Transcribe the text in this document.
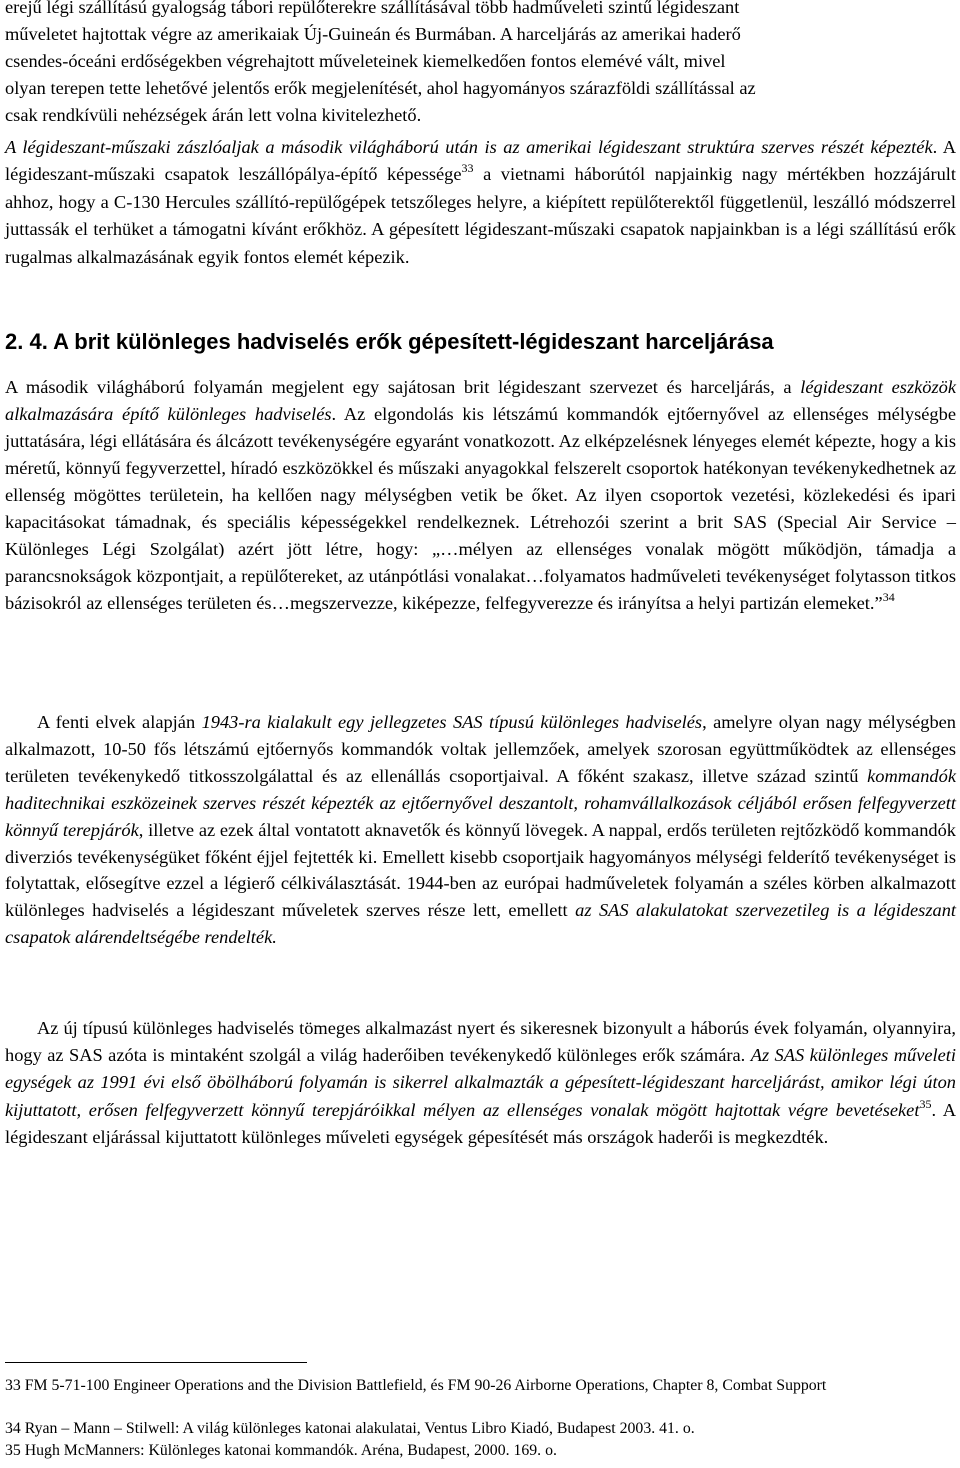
erejű légi szállítású gyalogság tábori repülőterekre szállításával több hadműveleti szintű légideszant
műveletet hajtottak végre az amerikaiak Új-Guineán és Burmában. A harceljárás az amerikai haderő
csendes-óceáni erdőségekben végrehajtott műveleteinek kiemelkedően fontos elemévé vált, mivel
olyan terepen tette lehetővé jelentős erők megjelenítését, ahol hagyományos szárazföldi szállítással az
csak rendkívüli nehézségek árán lett volna kivitelezhető.
A légideszant-műszaki zászlóaljak a második világháború után is az amerikai légideszant struktúra szerves részét képezték. A légideszant-műszaki csapatok leszállópálya-építő képessége$^{33}$ a vietnami háborútól napjainkig nagy mértékben hozzájárult ahhoz, hogy a C-130 Hercules szállító-repülőgépek tetszőleges helyre, a kiépített repülőterektől függetlenül, leszálló módszerrel juttassák el terhüket a támogatni kívánt erőkhöz. A gépesített légideszant-műszaki csapatok napjainkban is a légi szállítású erők rugalmas alkalmazásának egyik fontos elemét képezik.
2. 4. A brit különleges hadviselés erők gépesített-légideszant harceljárása
A második világháború folyamán megjelent egy sajátosan brit légideszant szervezet és harceljárás, a légideszant eszközök alkalmazására építő különleges hadviselés. Az elgondolás kis létszámú kommandók ejtőernyővel az ellenséges mélységbe juttatására, légi ellátására és álcázott tevékenységére egyaránt vonatkozott. Az elképzelésnek lényeges elemét képezte, hogy a kis méretű, könnyű fegyverzettel, híradó eszközökkel és műszaki anyagokkal felszerelt csoportok hatékonyan tevékenykedhetnek az ellenség mögöttes területein, ha kellően nagy mélységben vetik be őket. Az ilyen csoportok vezetési, közlekedési és ipari kapacitásokat támadnak, és speciális képességekkel rendelkeznek. Létrehozói szerint a brit SAS (Special Air Service – Különleges Légi Szolgálat) azért jött létre, hogy: „…mélyen az ellenséges vonalak mögött működjön, támadja a parancsnokságok központjait, a repülőtereket, az utánpótlási vonalakat…folyamatos hadműveleti tevékenységet folytasson titkos bázisokról az ellenséges területen és…megszervezze, kiképezze, felfegyverezze és irányítsa a helyi partizán elemeket.”$^{34}$
A fenti elvek alapján 1943-ra kialakult egy jellegzetes SAS típusú különleges hadviselés, amelyre olyan nagy mélységben alkalmazott, 10-50 fős létszámú ejtőernyős kommandók voltak jellemzőek, amelyek szorosan együttműködtek az ellenséges területen tevékenykedő titkosszolgálattal és az ellenállás csoportjaival. A főként szakasz, illetve század szintű kommandók haditechnikai eszközeinek szerves részét képezték az ejtőernyővel deszantolt, rohamvállalkozások céljából erősen felfegyverzett könnyű terepjárók, illetve az ezek által vontatott aknavetők és könnyű lövegek. A nappal, erdős területen rejtőzködő kommandók diverziós tevékenységüket főként éjjel fejtették ki. Emellett kisebb csoportjaik hagyományos mélységi felderítő tevékenységet is folytattak, elősegítve ezzel a légierő célkiválasztását. 1944-ben az európai hadműveletek folyamán a széles körben alkalmazott különleges hadviselés a légideszant műveletek szerves része lett, emellett az SAS alakulatokat szervezetileg is a légideszant csapatok alárendeltségébe rendelték.
Az új típusú különleges hadviselés tömeges alkalmazást nyert és sikeresnek bizonyult a háborús évek folyamán, olyannyira, hogy az SAS azóta is mintaként szolgál a világ haderőiben tevékenykedő különleges erők számára. Az SAS különleges műveleti egységek az 1991 évi első öbölháború folyamán is sikerrel alkalmazták a gépesített-légideszant harceljárást, amikor légi úton kijuttatott, erősen felfegyverzett könnyű terepjáróikkal mélyen az ellenséges vonalak mögött hajtottak végre bevetéseket$^{35}$. A légideszant eljárással kijuttatott különleges műveleti egységek gépesítését más országok haderői is megkezdték.
33 FM 5-71-100 Engineer Operations and the Division Battlefield, és FM 90-26 Airborne Operations, Chapter 8, Combat Support
34 Ryan – Mann – Stilwell: A világ különleges katonai alakulatai, Ventus Libro Kiadó, Budapest 2003. 41. o.
35 Hugh McManners: Különleges katonai kommandók. Aréna, Budapest, 2000. 169. o.
